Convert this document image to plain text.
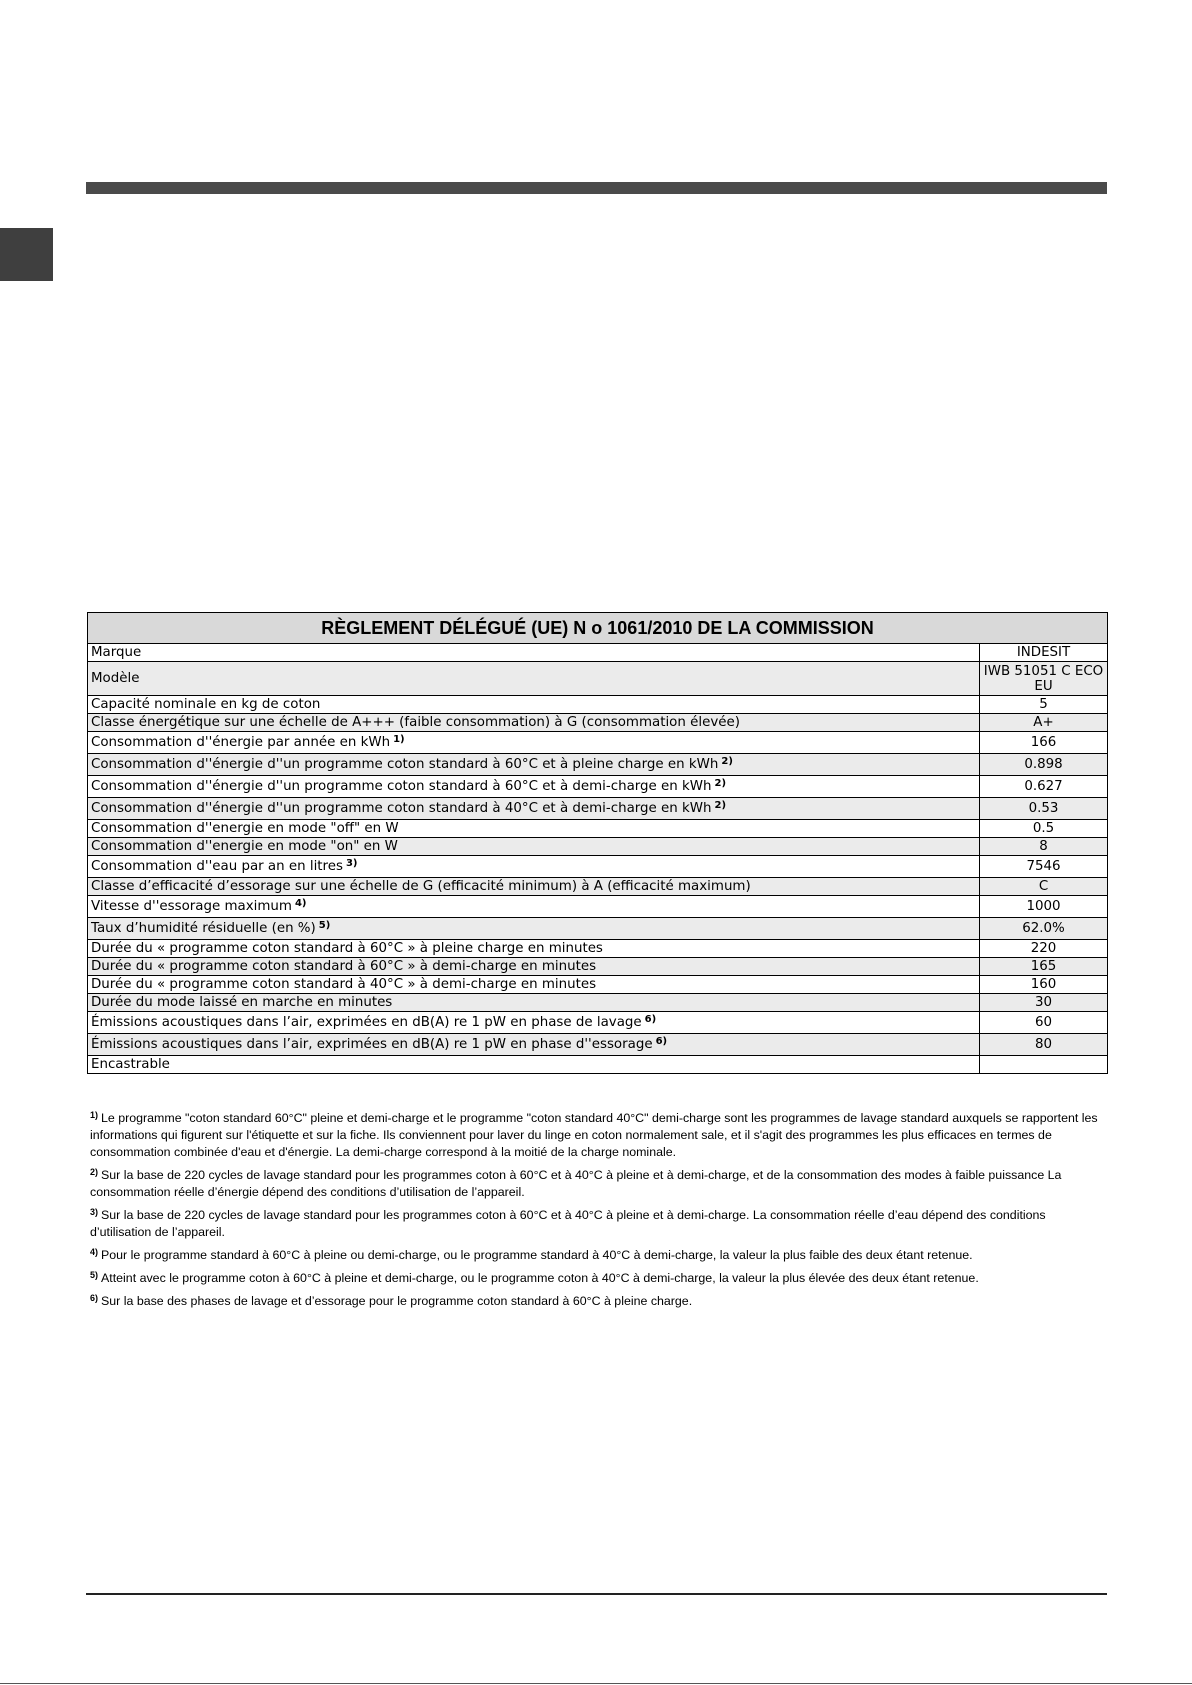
RÈGLEMENT DÉLÉGUÉ (UE) N o 1061/2010 DE LA COMMISSION	
Marque	INDESIT
Modèle	IWB 51051 C ECO EU
Capacité nominale en kg de coton	5
Classe énergétique sur une échelle de A+++ (faible consommation) à G (consommation élevée)	A+
Consommation d''énergie par année en kWh $^{1)}$	166
Consommation d''énergie d''un programme coton standard à 60°C et à pleine charge en kWh $^{2)}$	0.898
Consommation d''énergie d''un programme coton standard à 60°C et à demi-charge en kWh $^{2)}$	0.627
Consommation d''énergie d''un programme coton standard à 40°C et à demi-charge en kWh $^{2)}$	0.53
Consommation d''energie en mode "off" en W	0.5
Consommation d''energie en mode "on" en W	8
Consommation d''eau par an en litres $^{3)}$	7546
Classe d’efficacité d’essorage sur une échelle de G (efficacité minimum) à A (efficacité maximum)	C
Vitesse d''essorage maximum $^{4)}$	1000
Taux d’humidité résiduelle (en %) $^{5)}$	62.0%
Durée du « programme coton standard à 60°C » à pleine charge en minutes	220
Durée du « programme coton standard à 60°C » à demi-charge en minutes	165
Durée du « programme coton standard à 40°C » à demi-charge en minutes	160
Durée du mode laissé en marche en minutes	30
Émissions acoustiques dans l’air, exprimées en dB(A) re 1 pW en phase de lavage $^{6)}$	60
Émissions acoustiques dans l’air, exprimées en dB(A) re 1 pW en phase d''essorage $^{6)}$	80
Encastrable	

$^{1)}$ Le programme "coton standard 60°C" pleine et demi-charge et le programme "coton standard 40°C" demi-charge sont les programmes de lavage standard auxquels se rapportent les informations qui figurent sur l'étiquette et sur la fiche. Ils conviennent pour laver du linge en coton normalement sale, et il s'agit des programmes les plus efficaces en termes de consommation combinée d'eau et d'énergie. La demi-charge correspond à la moitié de la charge nominale.

$^{2)}$ Sur la base de 220 cycles de lavage standard pour les programmes coton à 60°C et à 40°C à pleine et à demi-charge, et de la consommation des modes à faible puissance La consommation réelle d’énergie dépend des conditions d’utilisation de l’appareil.

$^{3)}$ Sur la base de 220 cycles de lavage standard pour les programmes coton à 60°C et à 40°C à pleine et à demi-charge. La consommation réelle d’eau dépend des conditions d’utilisation de l’appareil.

$^{4)}$ Pour le programme standard à 60°C à pleine ou demi-charge, ou le programme standard à 40°C à demi-charge, la valeur la plus faible des deux étant retenue.

$^{5)}$ Atteint avec le programme coton à 60°C à pleine et demi-charge, ou le programme coton à 40°C à demi-charge, la valeur la plus élevée des deux étant retenue.

$^{6)}$ Sur la base des phases de lavage et d’essorage pour le programme coton standard à 60°C à pleine charge.
